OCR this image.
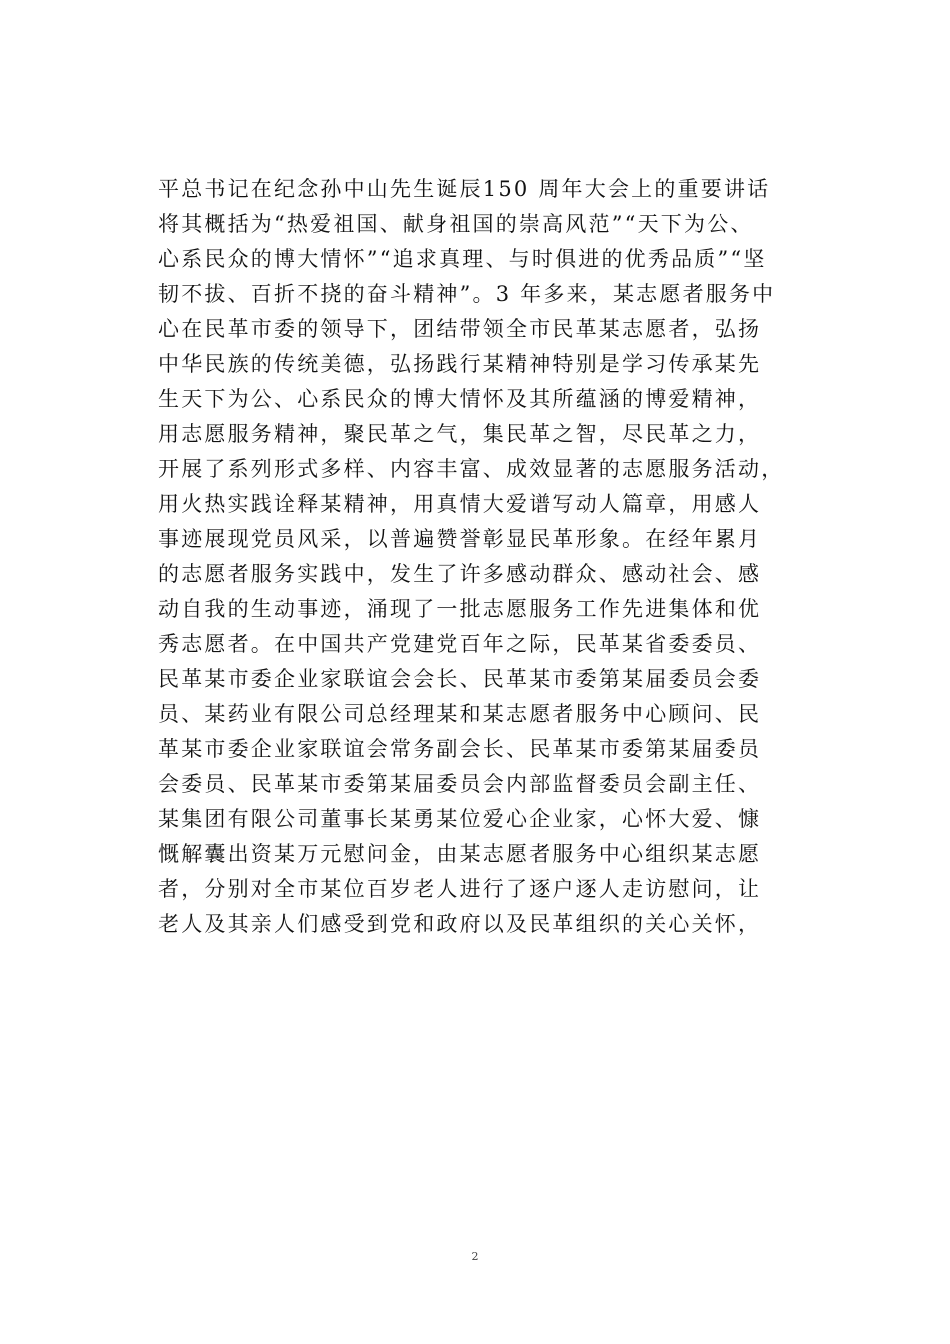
平总书记在纪念孙中山先生诞辰150 周年大会上的重要讲话
将其概括为“热爱祖国、献身祖国的崇高风范”“天下为公、
心系民众的博大情怀”“追求真理、与时俱进的优秀品质”“坚
韧不拔、百折不挠的奋斗精神”。3 年多来，某志愿者服务中
心在民革市委的领导下，团结带领全市民革某志愿者，弘扬
中华民族的传统美德，弘扬践行某精神特别是学习传承某先
生天下为公、心系民众的博大情怀及其所蕴涵的博爱精神，
用志愿服务精神，聚民革之气，集民革之智，尽民革之力，
开展了系列形式多样、内容丰富、成效显著的志愿服务活动，
用火热实践诠释某精神，用真情大爱谱写动人篇章，用感人
事迹展现党员风采，以普遍赞誉彰显民革形象。在经年累月
的志愿者服务实践中，发生了许多感动群众、感动社会、感
动自我的生动事迹，涌现了一批志愿服务工作先进集体和优
秀志愿者。在中国共产党建党百年之际，民革某省委委员、
民革某市委企业家联谊会会长、民革某市委第某届委员会委
员、某药业有限公司总经理某和某志愿者服务中心顾问、民
革某市委企业家联谊会常务副会长、民革某市委第某届委员
会委员、民革某市委第某届委员会内部监督委员会副主任、
某集团有限公司董事长某勇某位爱心企业家，心怀大爱、慷
慨解囊出资某万元慰问金，由某志愿者服务中心组织某志愿
者，分别对全市某位百岁老人进行了逐户逐人走访慰问，让
老人及其亲人们感受到党和政府以及民革组织的关心关怀，
2
